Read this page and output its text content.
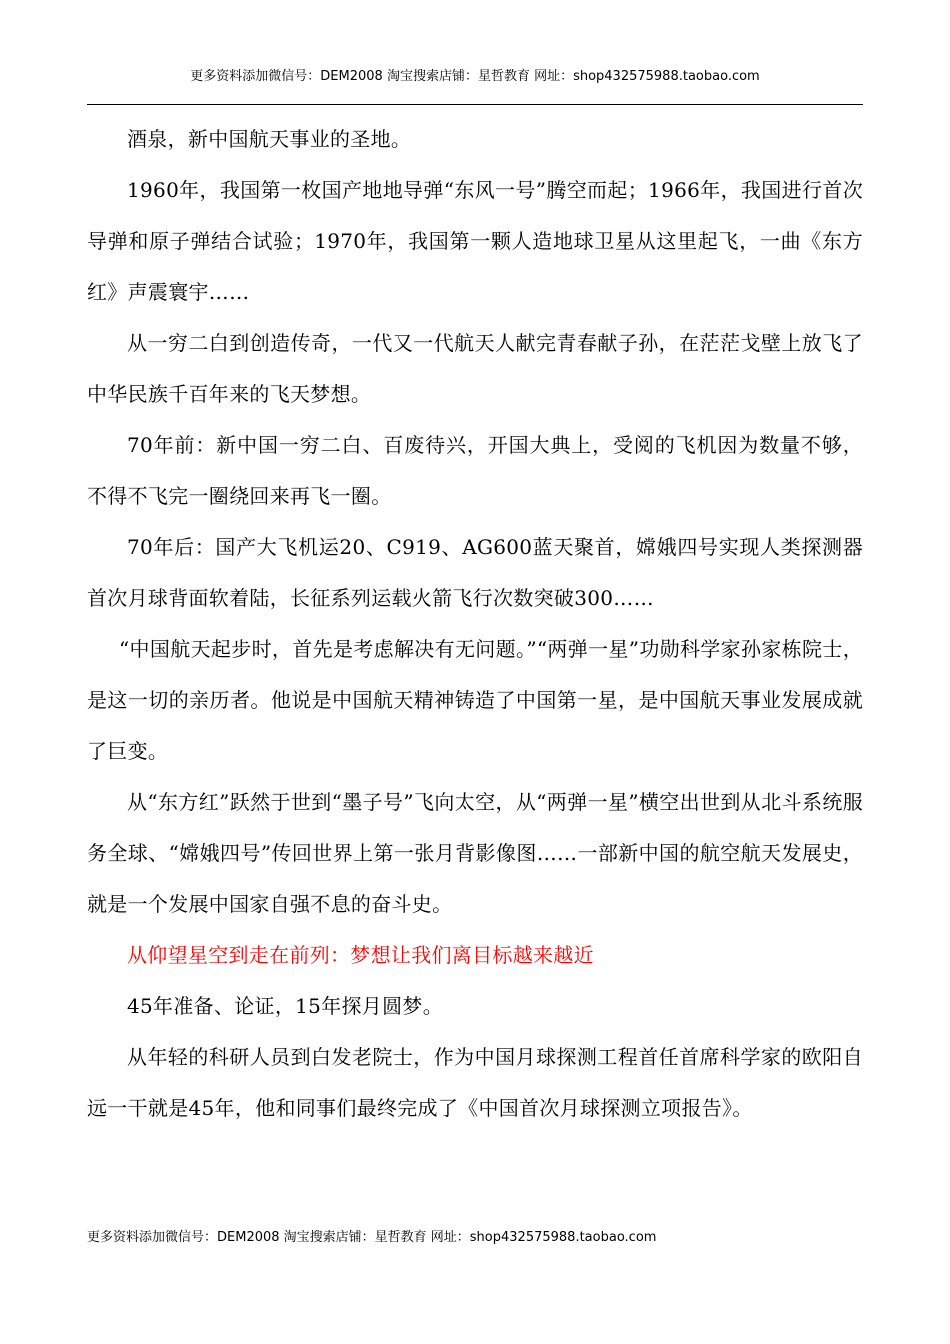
更多资料添加微信号：DEM2008 淘宝搜索店铺：星哲教育 网址：shop432575988.taobao.com

酒泉，新中国航天事业的圣地。

1960年，我国第一枚国产地地导弹“东风一号”腾空而起；1966年，我国进行首次导弹和原子弹结合试验；1970年，我国第一颗人造地球卫星从这里起飞，一曲《东方红》声震寰宇……

从一穷二白到创造传奇，一代又一代航天人献完青春献子孙，在茫茫戈壁上放飞了中华民族千百年来的飞天梦想。

70年前：新中国一穷二白、百废待兴，开国大典上，受阅的飞机因为数量不够，不得不飞完一圈绕回来再飞一圈。

70年后：国产大飞机运20、C919、AG600蓝天聚首，嫦娥四号实现人类探测器首次月球背面软着陆，长征系列运载火箭飞行次数突破300……

“中国航天起步时，首先是考虑解决有无问题。”“两弹一星”功勋科学家孙家栋院士，是这一切的亲历者。他说是中国航天精神铸造了中国第一星，是中国航天事业发展成就了巨变。

从“东方红”跃然于世到“墨子号”飞向太空，从“两弹一星”横空出世到从北斗系统服务全球、“嫦娥四号”传回世界上第一张月背影像图……一部新中国的航空航天发展史，就是一个发展中国家自强不息的奋斗史。

从仰望星空到走在前列：梦想让我们离目标越来越近

45年准备、论证，15年探月圆梦。

从年轻的科研人员到白发老院士，作为中国月球探测工程首任首席科学家的欧阳自远一干就是45年，他和同事们最终完成了《中国首次月球探测立项报告》。

更多资料添加微信号：DEM2008 淘宝搜索店铺：星哲教育 网址：shop432575988.taobao.com
